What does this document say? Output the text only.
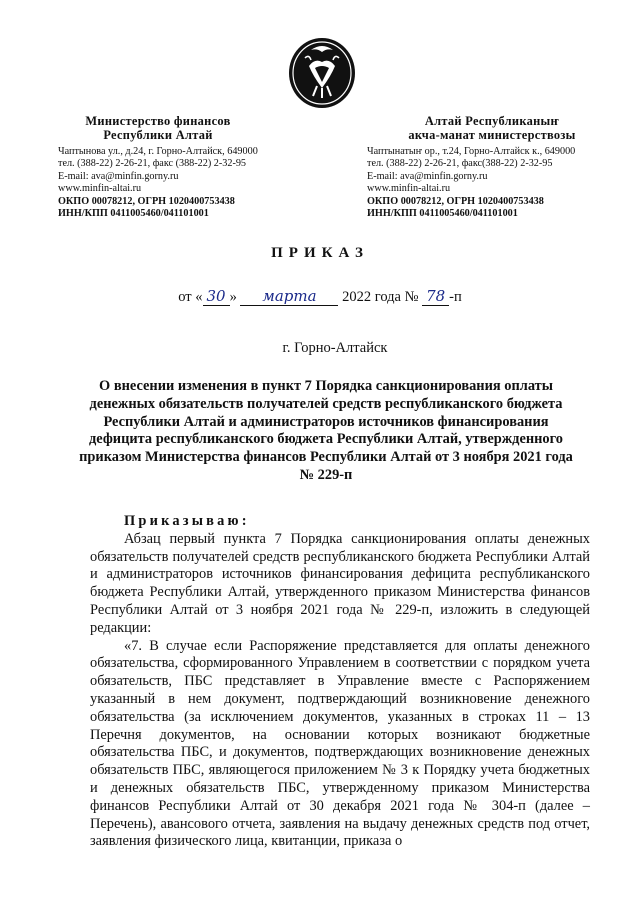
Министерство финансов
Республики Алтай
Чаптынова ул., д.24, г. Горно-Алтайск, 649000
тел. (388-22) 2-26-21, факс (388-22) 2-32-95
E-mail: ava@minfin.gorny.ru
www.minfin-altai.ru
ОКПО 00078212, ОГРН 1020400753438
ИНН/КПП 0411005460/041101001
Алтай Республиканыҥ
акча-манат министерствозы
Чаптынатыҥ ор., т.24, Горно-Алтайск к., 649000
тел. (388-22) 2-26-21, факс(388-22) 2-32-95
E-mail: ava@minfin.gorny.ru
www.minfin-altai.ru
ОКПО 00078212, ОГРН 1020400753438
ИНН/КПП 0411005460/041101001
ПРИКАЗ
от « 30 » марта 2022 года № 78 -п
г. Горно-Алтайск
О внесении изменения в пункт 7 Порядка санкционирования оплаты денежных обязательств получателей средств республиканского бюджета Республики Алтай и администраторов источников финансирования дефицита республиканского бюджета Республики Алтай, утвержденного приказом Министерства финансов Республики Алтай от 3 ноября 2021 года № 229-п
Приказываю:

Абзац первый пункта 7 Порядка санкционирования оплаты денежных обязательств получателей средств республиканского бюджета Республики Алтай и администраторов источников финансирования дефицита республиканского бюджета Республики Алтай, утвержденного приказом Министерства финансов Республики Алтай от 3 ноября 2021 года № 229-п, изложить в следующей редакции:

«7. В случае если Распоряжение представляется для оплаты денежного обязательства, сформированного Управлением в соответствии с порядком учета обязательств, ПБС представляет в Управление вместе с Распоряжением указанный в нем документ, подтверждающий возникновение денежного обязательства (за исключением документов, указанных в строках 11 – 13 Перечня документов, на основании которых возникают бюджетные обязательства ПБС, и документов, подтверждающих возникновение денежных обязательств ПБС, являющегося приложением № 3 к Порядку учета бюджетных и денежных обязательств ПБС, утвержденному приказом Министерства финансов Республики Алтай от 30 декабря 2021 года № 304-п (далее – Перечень), авансового отчета, заявления на выдачу денежных средств под отчет, заявления физического лица, квитанции, приказа о
